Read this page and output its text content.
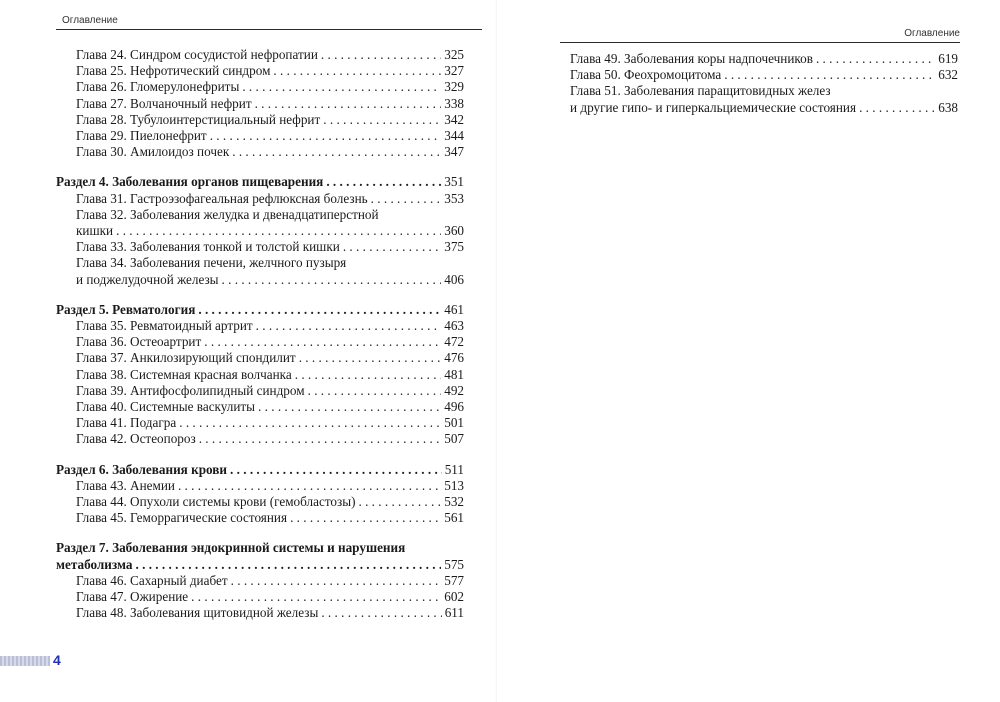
Оглавление
Глава 24. Синдром сосудистой нефропатии . . .	325
Глава 25. Нефротический синдром . . .	327
Глава 26. Гломерулонефриты . . .	329
Глава 27. Волчаночный нефрит . . .	338
Глава 28. Тубулоинтерстициальный нефрит . . .	342
Глава 29. Пиелонефрит . . .	344
Глава 30. Амилоидоз почек . . .	347
Раздел 4. Заболевания органов пищеварения . . .	351
Глава 31. Гастроэзофагеальная рефлюксная болезнь . . .	353
Глава 32. Заболевания желудка и двенадцатиперстной
кишки . . .	360
Глава 33. Заболевания тонкой и толстой кишки . . .	375
Глава 34. Заболевания печени, желчного пузыря
и поджелудочной железы . . .	406
Раздел 5. Ревматология . . .	461
Глава 35. Ревматоидный артрит . . .	463
Глава 36. Остеоартрит . . .	472
Глава 37. Анкилозирующий спондилит . . .	476
Глава 38. Системная красная волчанка . . .	481
Глава 39. Антифосфолипидный синдром . . .	492
Глава 40. Системные васкулиты . . .	496
Глава 41. Подагра . . .	501
Глава 42. Остеопороз . . .	507
Раздел 6. Заболевания крови . . .	511
Глава 43. Анемии . . .	513
Глава 44. Опухоли системы крови (гемобластозы) . . .	532
Глава 45. Геморрагические состояния . . .	561
Раздел 7. Заболевания эндокринной системы и нарушения
метаболизма . . .	575
Глава 46. Сахарный диабет . . .	577
Глава 47. Ожирение . . .	602
Глава 48. Заболевания щитовидной железы . . .	611
4
Оглавление
Глава 49. Заболевания коры надпочечников . . .	619
Глава 50. Феохромоцитома . . .	632
Глава 51. Заболевания паращитовидных желез
и другие гипо- и гиперкальциемические состояния . . .	638
